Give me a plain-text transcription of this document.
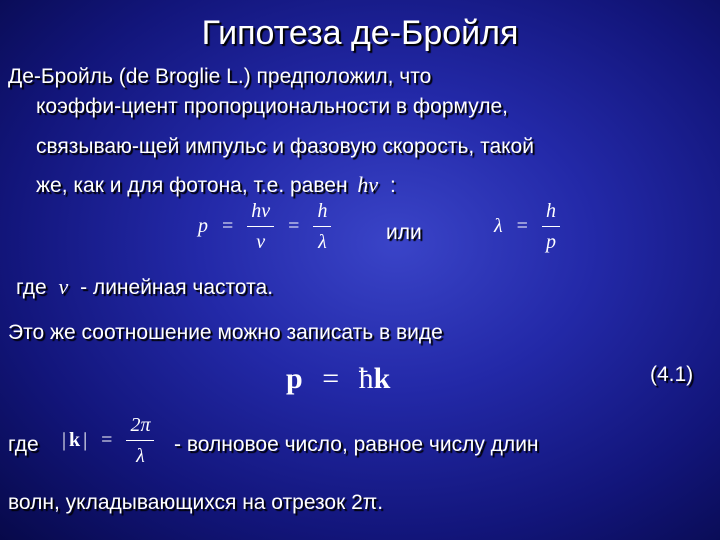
Гипотеза де-Бройля
Де-Бройль (de Broglie L.) предположил, что
коэффи-циент пропорциональности в формуле,
связываю-щей импульс и фазовую скорость, такой
же, как и для фотона, т.е. равен hν :
$p = \frac{h\nu}{v} = \frac{h}{\lambda}$	или	$\lambda = \frac{h}{p}$
где ν - линейная частота.
Это же соотношение можно записать в виде
p = ħk	(4.1)
где | k | = $\frac{2\pi}{\lambda}$ - волновое число, равное числу длин
волн, укладывающихся на отрезок 2π.
